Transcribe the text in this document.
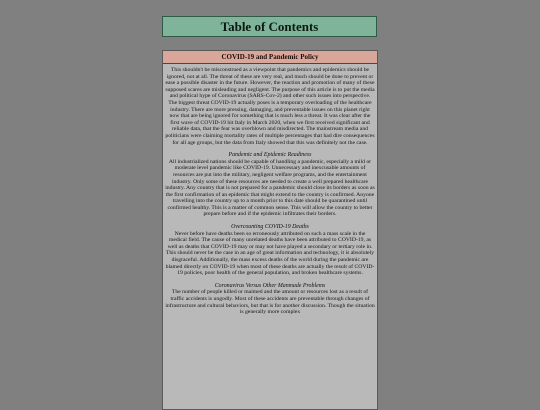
Table of Contents
COVID-19 and Pandemic Policy

This shouldn't be misconstrued as a viewpoint that pandemics and epidemics should be ignored, not at all. The threat of these are very real, and much should be done to prevent or ease a possible disaster in the future. However, the reaction and promotion of many of these supposed scares are misleading and negligent. The purpose of this article is to put the media and political hype of Coronavirus (SARS-Cov-2) and other such issues into perspective. The biggest threat COVID-19 actually poses is a temporary overloading of the healthcare industry. There are more pressing, damaging, and preventable issues on this planet right now that are being ignored for something that is much less a threat. It was clear after the first wave of COVID-19 hit Italy in March 2020, when we first received significant and reliable data, that the fear was overblown and misdirected. The mainstream media and politicians were claiming mortality rates of multiple percentages that had dire consequences for all age groups, but the data from Italy showed that this was definitely not the case.

Pandemic and Epidemic Readiness

All industrialized nations should be capable of handling a pandemic, especially a mild or moderate level pandemic like COVID-19. Unnecessary and inexcusable amounts of resources are put into the military, negligent welfare programs, and the entertainment industry. Only some of these resources are needed to create a well prepared healthcare industry. Any country that is not prepared for a pandemic should close its borders as soon as the first confirmation of an epidemic that might extend to the country is confirmed. Anyone travelling into the country up to a month prior to this date should be quarantined until confirmed healthy. This is a matter of common sense. This will allow the country to better prepare before and if the epidemic infiltrates their borders.

Overcounting COVID-19 Deaths

Never before have deaths been so erroneously attributed on such a mass scale in the medical field. The cause of many unrelated deaths have been attributed to COVID-19, as well as deaths that COVID-19 may or may not have played a secondary or tertiary role in. This should never be the case in an age of great information and technology, it is absolutely disgraceful. Additionally, the mass excess deaths of the world during the pandemic are blamed directly on COVID-19 when most of these deaths are actually the result of COVID-19 policies, poor health of the general population, and broken healthcare systems.

Coronavirus Versus Other Manmade Problems

The number of people killed or maimed and the amount or resources lost as a result of traffic accidents is ungodly. Most of these accidents are preventable through changes of infrastructure and cultural behaviors, but that is for another discussion. Though the situation is generally more complex
